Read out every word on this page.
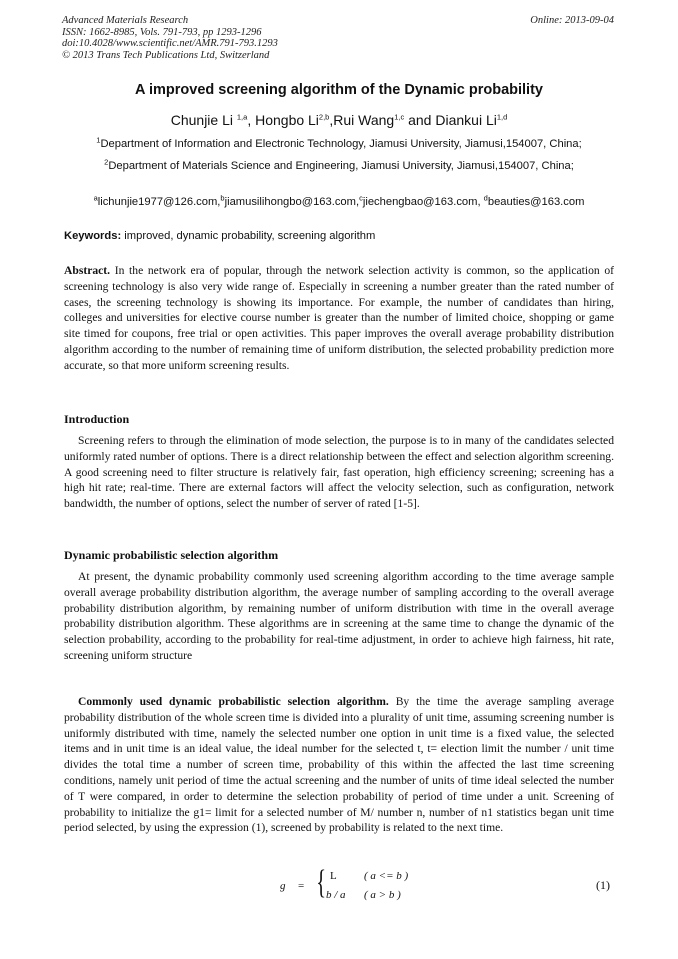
Advanced Materials Research
ISSN: 1662-8985, Vols. 791-793, pp 1293-1296
doi:10.4028/www.scientific.net/AMR.791-793.1293
© 2013 Trans Tech Publications Ltd, Switzerland
Online: 2013-09-04
A improved screening algorithm of the Dynamic probability
Chunjie Li $^{1,a}$, Hongbo Li$^{2,b}$,Rui Wang$^{1,c}$ and Diankui Li$^{1,d}$
$^1$Department of Information and Electronic Technology, Jiamusi University, Jiamusi,154007, China;
$^2$Department of Materials Science and Engineering, Jiamusi University, Jiamusi,154007, China;
$^a$lichunjie1977@126.com,$^b$jiamusilihongbo@163.com,$^c$jiechengbao@163.com, $^d$beauties@163.com
Keywords: improved, dynamic probability, screening algorithm
Abstract. In the network era of popular, through the network selection activity is common, so the application of screening technology is also very wide range of. Especially in screening a number greater than the rated number of cases, the screening technology is showing its importance. For example, the number of candidates than hiring, colleges and universities for elective course number is greater than the number of limited choice, shopping or game site timed for coupons, free trial or open activities. This paper improves the overall average probability distribution algorithm according to the number of remaining time of uniform distribution, the selected probability prediction more accurate, so that more uniform screening results.
Introduction
Screening refers to through the elimination of mode selection, the purpose is to in many of the candidates selected uniformly rated number of options. There is a direct relationship between the effect and selection algorithm screening. A good screening need to filter structure is relatively fair, fast operation, high efficiency screening; screening has a high hit rate; real-time. There are external factors will affect the velocity selection, such as configuration, network bandwidth, the number of options, select the number of server of rated [1-5].
Dynamic probabilistic selection algorithm
At present, the dynamic probability commonly used screening algorithm according to the time average sample overall average probability distribution algorithm, the average number of sampling according to the overall average probability distribution algorithm, by remaining number of uniform distribution with time in the overall average probability distribution algorithm. These algorithms are in screening at the same time to change the dynamic of the selection probability, according to the probability for real-time adjustment, in order to achieve high fairness, hit rate, screening uniform structure
Commonly used dynamic probabilistic selection algorithm. By the time the average sampling average probability distribution of the whole screen time is divided into a plurality of unit time, assuming screening number is uniformly distributed with time, namely the selected number one option in unit time is a fixed value, the selected items and in unit time is an ideal value, the ideal number for the selected t, t= election limit the number / unit time divides the total time a number of screen time, probability of this within the affected the last time screening conditions, namely unit period of time the actual screening and the number of units of time ideal selected the number of T were compared, in order to determine the selection probability of period of time under a unit. Screening of probability to initialize the g1= limit for a selected number of M/ number n, number of n1 statistics began unit time period selected, by using the expression (1), screened by probability is related to the next time.
g = { L ( a <= b )
b / a ( a > b )
(1)
